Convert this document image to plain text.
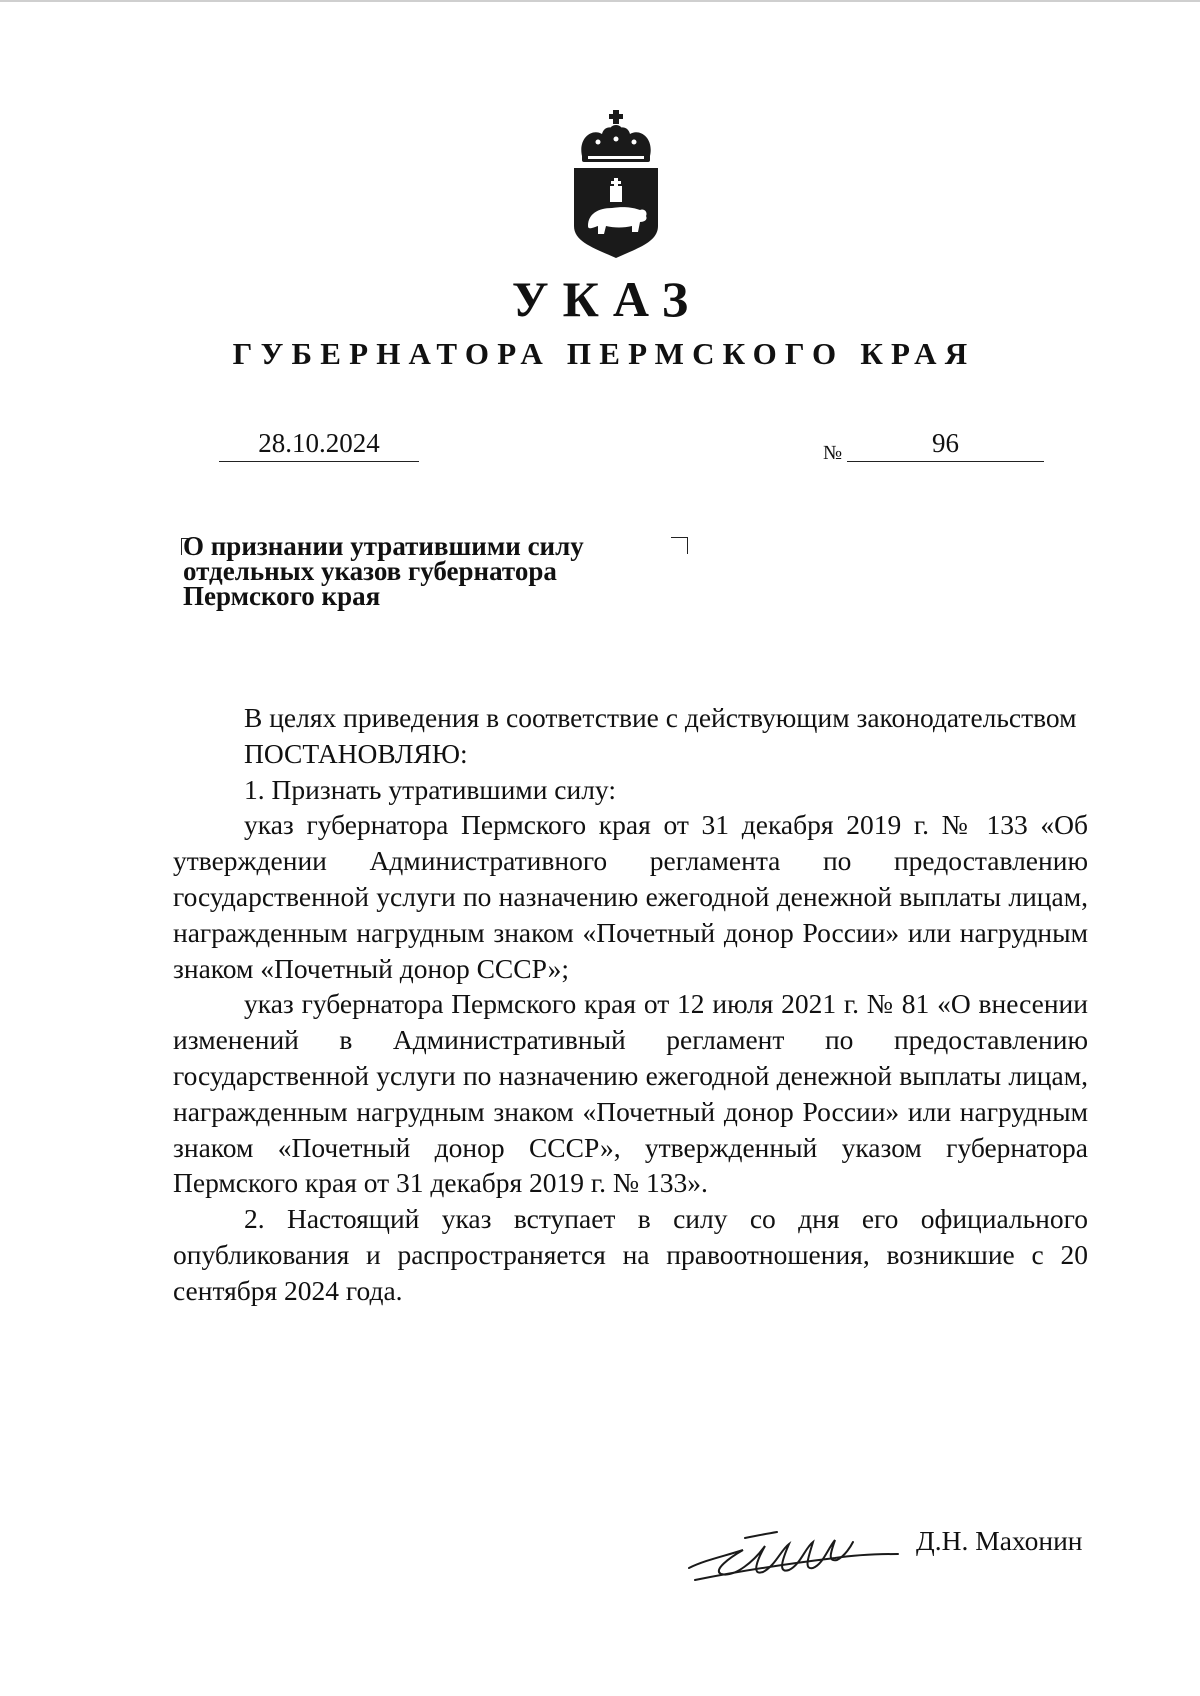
УКАЗ
ГУБЕРНАТОРА ПЕРМСКОГО КРАЯ
28.10.2024	№	96
О признании утратившими силу
отдельных указов губернатора
Пермского края

В целях приведения в соответствие с действующим законодательством

ПОСТАНОВЛЯЮ:

1. Признать утратившими силу:

указ губернатора Пермского края от 31 декабря 2019 г. № 133 «Об утверждении Административного регламента по предоставлению государственной услуги по назначению ежегодной денежной выплаты лицам, награжденным нагрудным знаком «Почетный донор России» или нагрудным знаком «Почетный донор СССР»;

указ губернатора Пермского края от 12 июля 2021 г. № 81 «О внесении изменений в Административный регламент по предоставлению государственной услуги по назначению ежегодной денежной выплаты лицам, награжденным нагрудным знаком «Почетный донор России» или нагрудным знаком «Почетный донор СССР», утвержденный указом губернатора Пермского края от 31 декабря 2019 г. № 133».

2. Настоящий указ вступает в силу со дня его официального опубликования и распространяется на правоотношения, возникшие с 20 сентября 2024 года.

Д.Н. Махонин
